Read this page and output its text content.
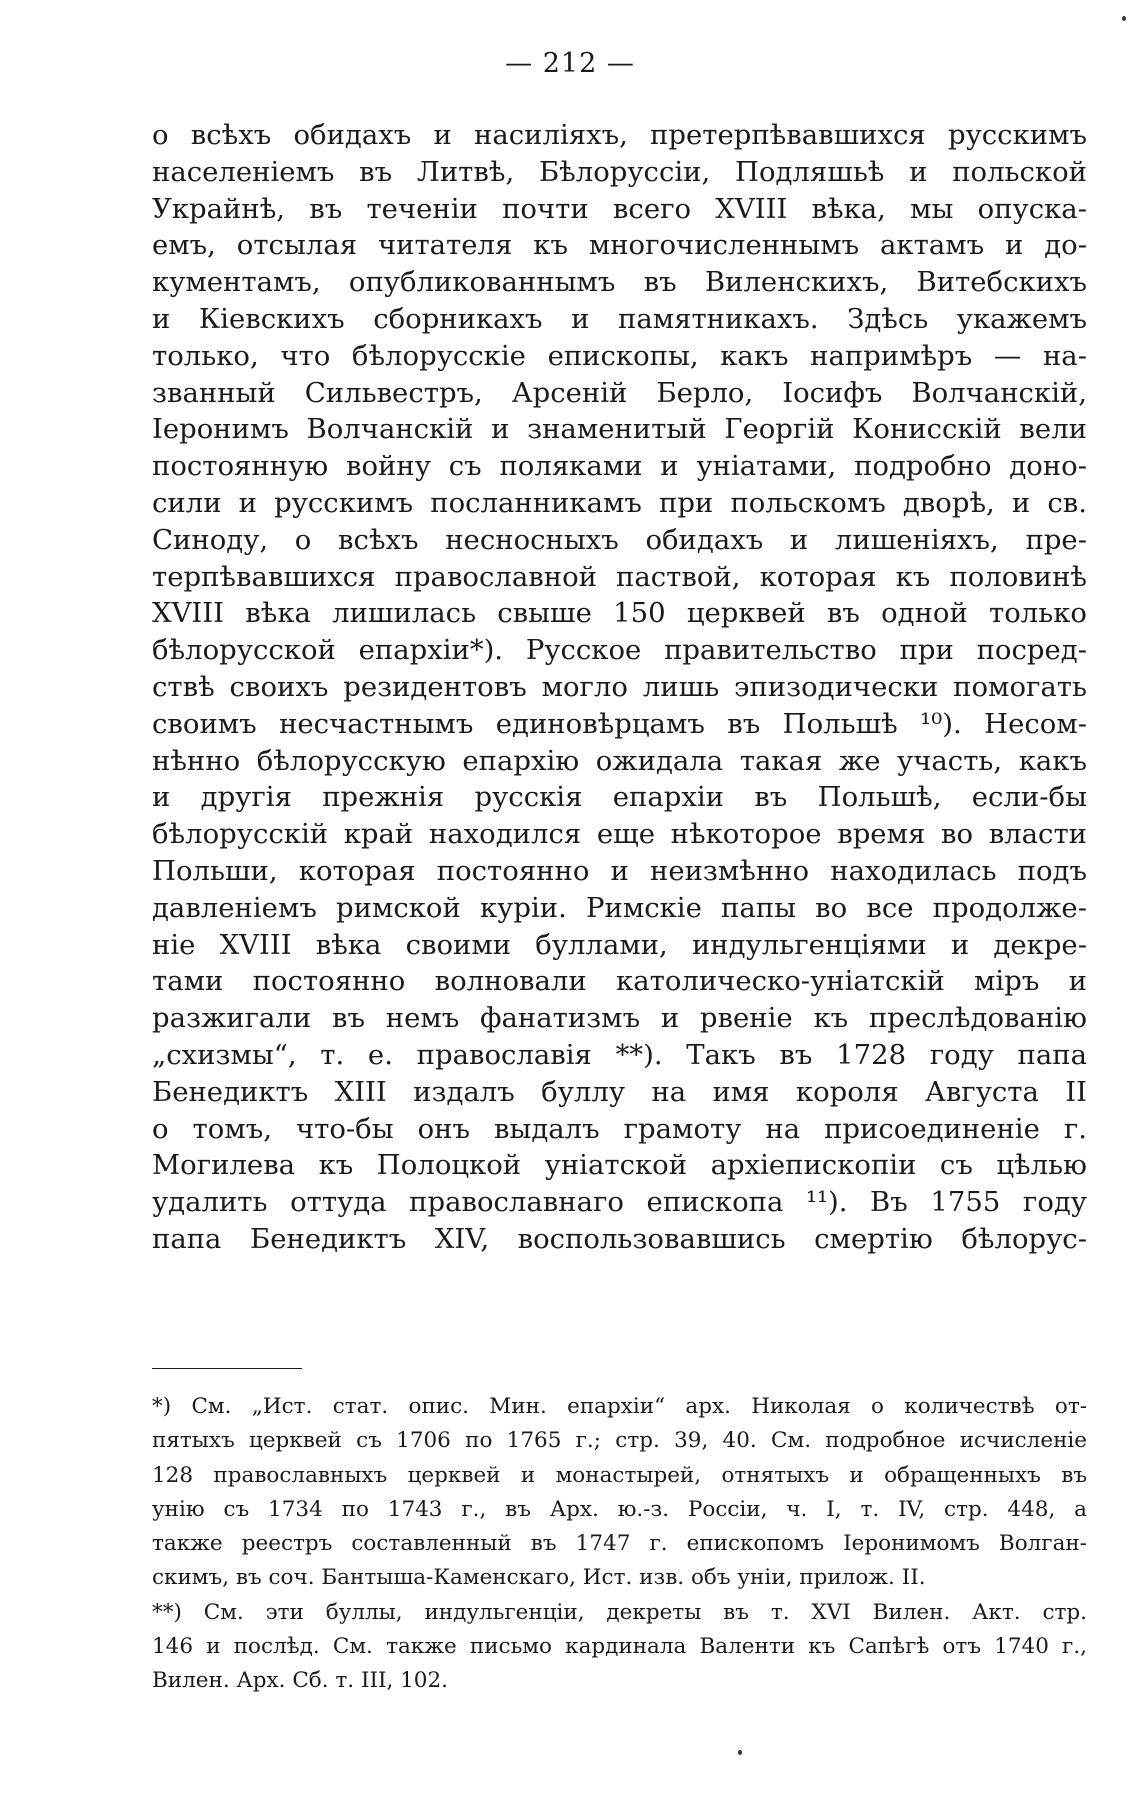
— 212 —
о всѣхъ обидахъ и насиліяхъ, претерпѣвавшихся русскимъ
населеніемъ въ Литвѣ, Бѣлоруссіи, Подляшьѣ и польской
Украйнѣ, въ теченіи почти всего XVIII вѣка, мы опуска-
емъ, отсылая читателя къ многочисленнымъ актамъ и до-
кументамъ, опубликованнымъ въ Виленскихъ, Витебскихъ
и Кіевскихъ сборникахъ и памятникахъ. Здѣсь укажемъ
только, что бѣлорусскіе епископы, какъ напримѣръ — на-
званный Сильвестръ, Арсеній Берло, Іосифъ Волчанскій,
Іеронимъ Волчанскій и знаменитый Георгій Конисскій вели
постоянную войну съ поляками и уніатами, подробно доно-
сили и русскимъ посланникамъ при польскомъ дворѣ, и св.
Синоду, о всѣхъ несносныхъ обидахъ и лишеніяхъ, пре-
терпѣвавшихся православной паствой, которая къ половинѣ
XVIII вѣка лишилась свыше 150 церквей въ одной только
бѣлорусской епархіи*). Русское правительство при посред-
ствѣ своихъ резидентовъ могло лишь эпизодически помогать
своимъ несчастнымъ единовѣрцамъ въ Польшѣ ¹⁰). Несом-
нѣнно бѣлорусскую епархію ожидала такая же участь, какъ
и другія прежнія русскія епархіи въ Польшѣ, если-бы
бѣлорусскій край находился еще нѣкоторое время во власти
Польши, которая постоянно и неизмѣнно находилась подъ
давленіемъ римской куріи. Римскіе папы во все продолже-
ніе XVIII вѣка своими буллами, индульгенціями и декре-
тами постоянно волновали католическо-уніатскій міръ и
разжигали въ немъ фанатизмъ и рвеніе къ преслѣдованію
„схизмы“, т. е. православія **). Такъ въ 1728 году папа
Бенедиктъ XIII издалъ буллу на имя короля Августа II
о томъ, что-бы онъ выдалъ грамоту на присоединеніе г.
Могилева къ Полоцкой уніатской архіепископіи съ цѣлью
удалить оттуда православнаго епископа ¹¹). Въ 1755 году
папа Бенедиктъ XIV, воспользовавшись смертію бѣлорус-
*) См. „Ист. стат. опис. Мин. епархіи“ арх. Николая о количествѣ от-
пятыхъ церквей съ 1706 по 1765 г.; стр. 39, 40. См. подробное исчисленіе
128 православныхъ церквей и монастырей, отнятыхъ и обращенныхъ въ
унію съ 1734 по 1743 г., въ Арх. ю.-з. Россіи, ч. I, т. IV, стр. 448, а
также реестръ составленный въ 1747 г. епископомъ Іеронимомъ Волган-
скимъ, въ соч. Бантыша-Каменскаго, Ист. изв. объ уніи, прилож. II.
**) См. эти буллы, индульгенціи, декреты въ т. XVI Вилен. Акт. стр.
146 и послѣд. См. также письмо кардинала Валенти къ Сапѣгѣ отъ 1740 г.,
Вилен. Арх. Сб. т. III, 102.
